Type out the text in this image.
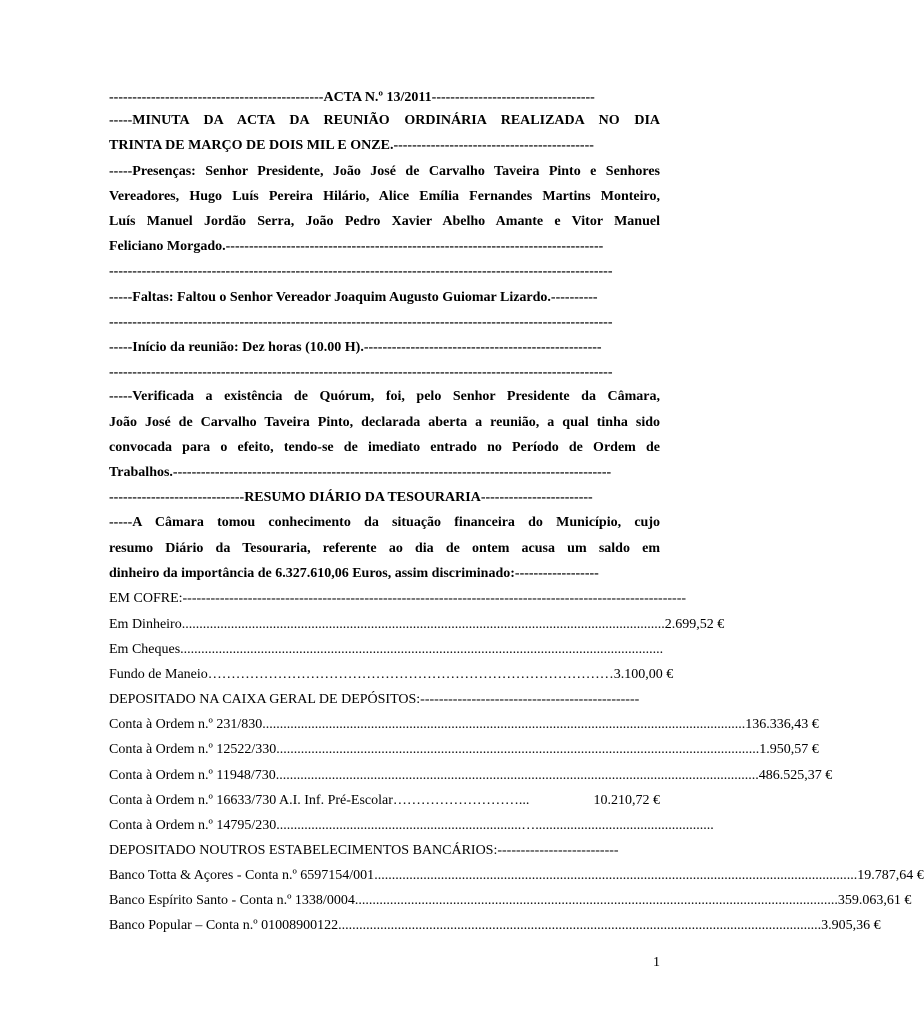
----------------------------------------------ACTA N.º 13/2011-----------------------------------
-----MINUTA DA ACTA DA REUNIÃO ORDINÁRIA REALIZADA NO DIA
TRINTA DE MARÇO DE DOIS MIL E ONZE.-------------------------------------------
-----Presenças: Senhor Presidente, João José de Carvalho Taveira Pinto e Senhores
Vereadores, Hugo Luís Pereira Hilário, Alice Emília Fernandes Martins Monteiro,
Luís Manuel Jordão Serra, João Pedro Xavier Abelho Amante e Vitor Manuel
Feliciano Morgado.---------------------------------------------------------------------------------
------------------------------------------------------------------------------------------------------------
-----Faltas: Faltou o Senhor Vereador Joaquim Augusto Guiomar Lizardo.----------
------------------------------------------------------------------------------------------------------------
-----Início da reunião: Dez horas (10.00 H).---------------------------------------------------
------------------------------------------------------------------------------------------------------------
-----Verificada a existência de Quórum, foi, pelo Senhor Presidente da Câmara,
João José de Carvalho Taveira Pinto, declarada aberta a reunião, a qual tinha sido
convocada para o efeito, tendo-se de imediato entrado no Período de Ordem de
Trabalhos.----------------------------------------------------------------------------------------------
-----------------------------RESUMO DIÁRIO DA TESOURARIA------------------------
-----A Câmara tomou conhecimento da situação financeira do Município, cujo
resumo Diário da Tesouraria, referente ao dia de ontem acusa um saldo em
dinheiro da importância de 6.327.610,06 Euros, assim discriminado:------------------
EM COFRE: ------------------------------------------------------------------------------------------------------------
Em Dinheiro .......................................................................................................................................... 2.699,52 €
Em Cheques ..........................................................................................................................................
Fundo de Maneio …………………………………………………………………………… 3.100,00 €
DEPOSITADO NA CAIXA GERAL DE DEPÓSITOS: -----------------------------------------------
Conta à Ordem n.º 231/830 .......................................................................................................................................... 136.336,43 €
Conta à Ordem n.º 12522/330 .......................................................................................................................................... 1.950,57 €
Conta à Ordem n.º 11948/730 .......................................................................................................................................... 486.525,37 €
Conta à Ordem n.º 16633/730 A.I. Inf. Pré-Escolar ………………………...	10.210,72 €
Conta à Ordem n.º 14795/230 ......................................................................…...................................................
DEPOSITADO NOUTROS ESTABELECIMENTOS BANCÁRIOS: --------------------------
Banco Totta & Açores - Conta n.º 6597154/001 .......................................................................................................................................... 19.787,64 €
Banco Espírito Santo - Conta n.º 1338/0004 .......................................................................................................................................... 359.063,61 €
Banco Popular – Conta n.º 01008900122 .......................................................................................................................................... 3.905,36 €
1
